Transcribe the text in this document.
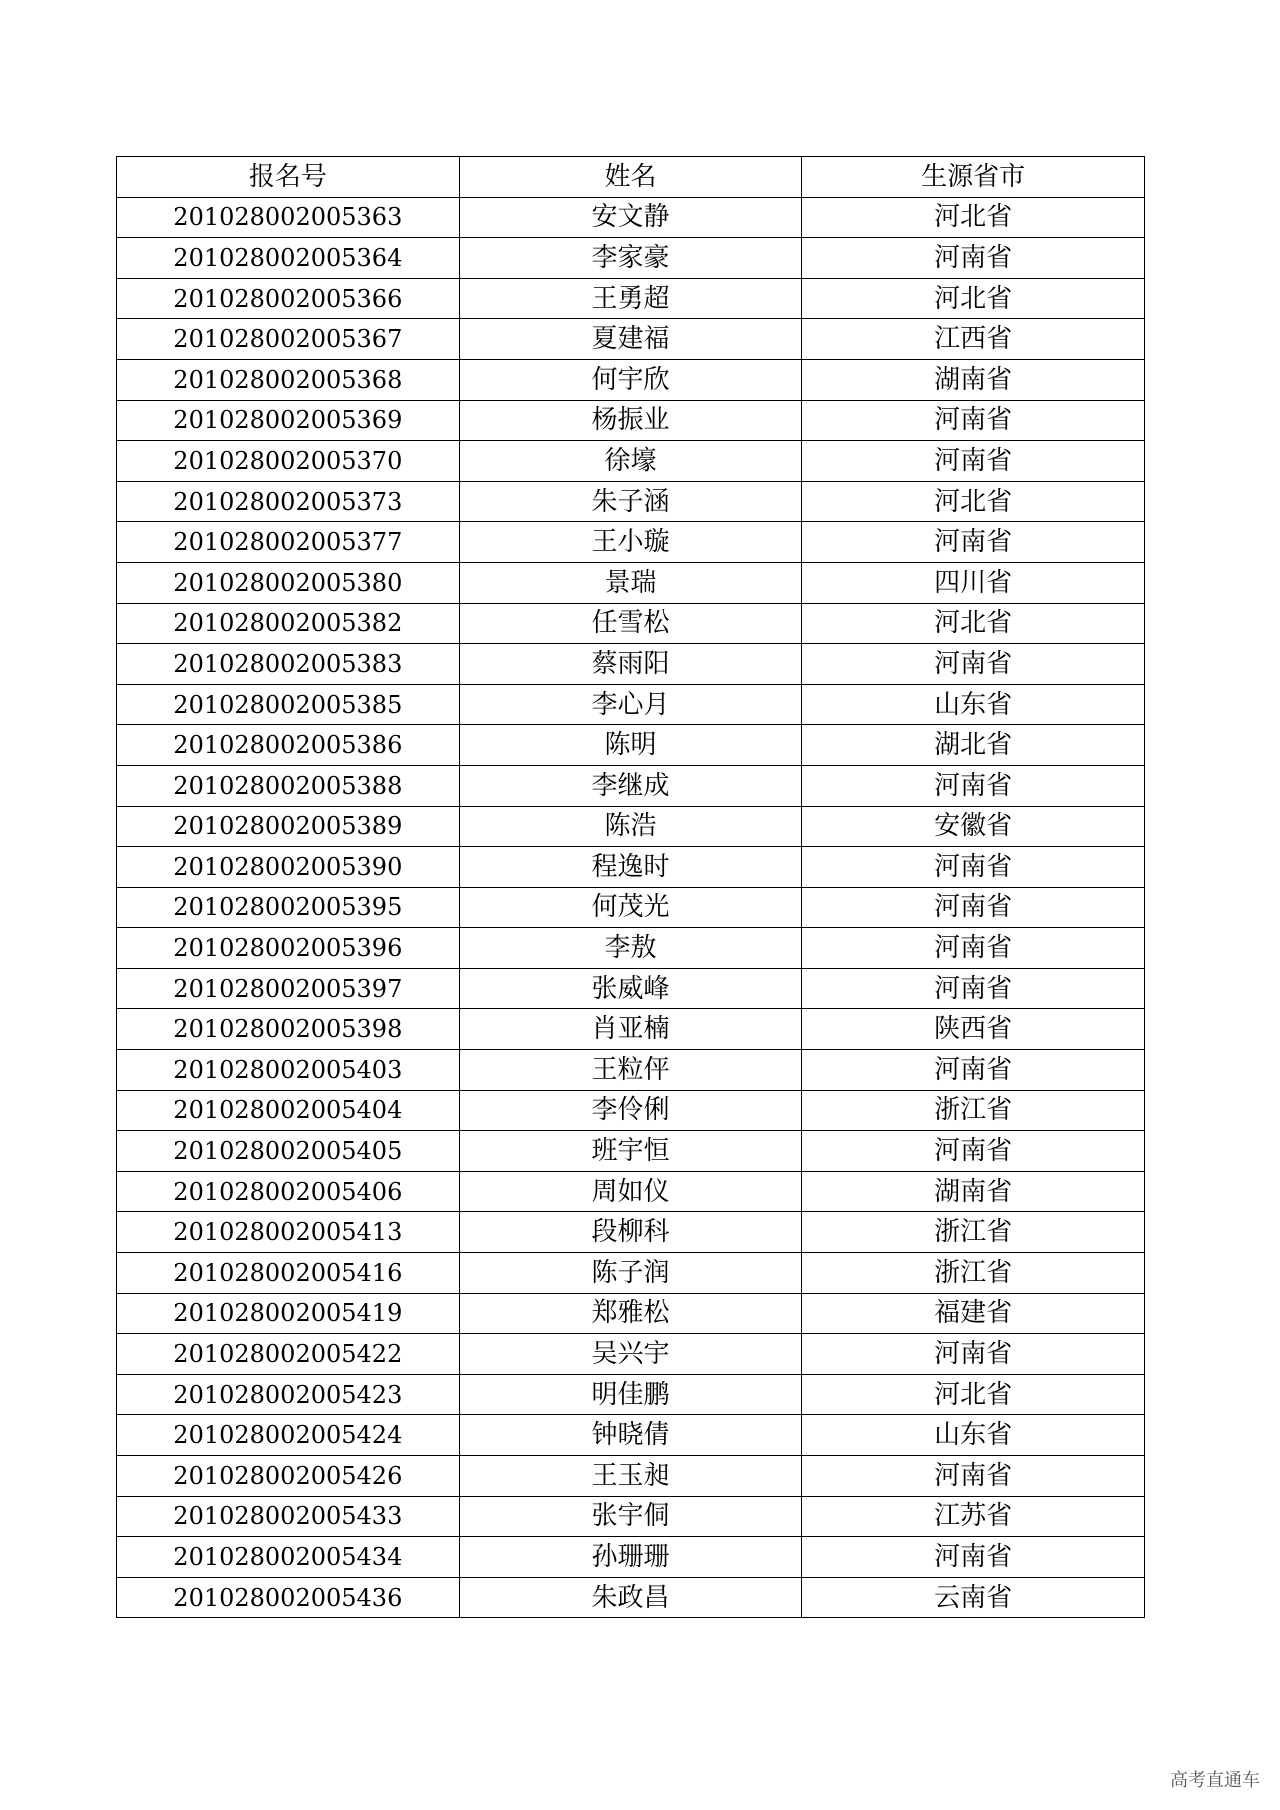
报名号	姓名	生源省市
201028002005363	安文静	河北省
201028002005364	李家豪	河南省
201028002005366	王勇超	河北省
201028002005367	夏建福	江西省
201028002005368	何宇欣	湖南省
201028002005369	杨振业	河南省
201028002005370	徐壕	河南省
201028002005373	朱子涵	河北省
201028002005377	王小璇	河南省
201028002005380	景瑞	四川省
201028002005382	任雪松	河北省
201028002005383	蔡雨阳	河南省
201028002005385	李心月	山东省
201028002005386	陈明	湖北省
201028002005388	李继成	河南省
201028002005389	陈浩	安徽省
201028002005390	程逸时	河南省
201028002005395	何茂光	河南省
201028002005396	李敖	河南省
201028002005397	张威峰	河南省
201028002005398	肖亚楠	陕西省
201028002005403	王粒伻	河南省
201028002005404	李伶俐	浙江省
201028002005405	班宇恒	河南省
201028002005406	周如仪	湖南省
201028002005413	段柳科	浙江省
201028002005416	陈子润	浙江省
201028002005419	郑雅松	福建省
201028002005422	吴兴宇	河南省
201028002005423	明佳鹏	河北省
201028002005424	钟晓倩	山东省
201028002005426	王玉昶	河南省
201028002005433	张宇侗	江苏省
201028002005434	孙珊珊	河南省
201028002005436	朱政昌	云南省
高考直通车
